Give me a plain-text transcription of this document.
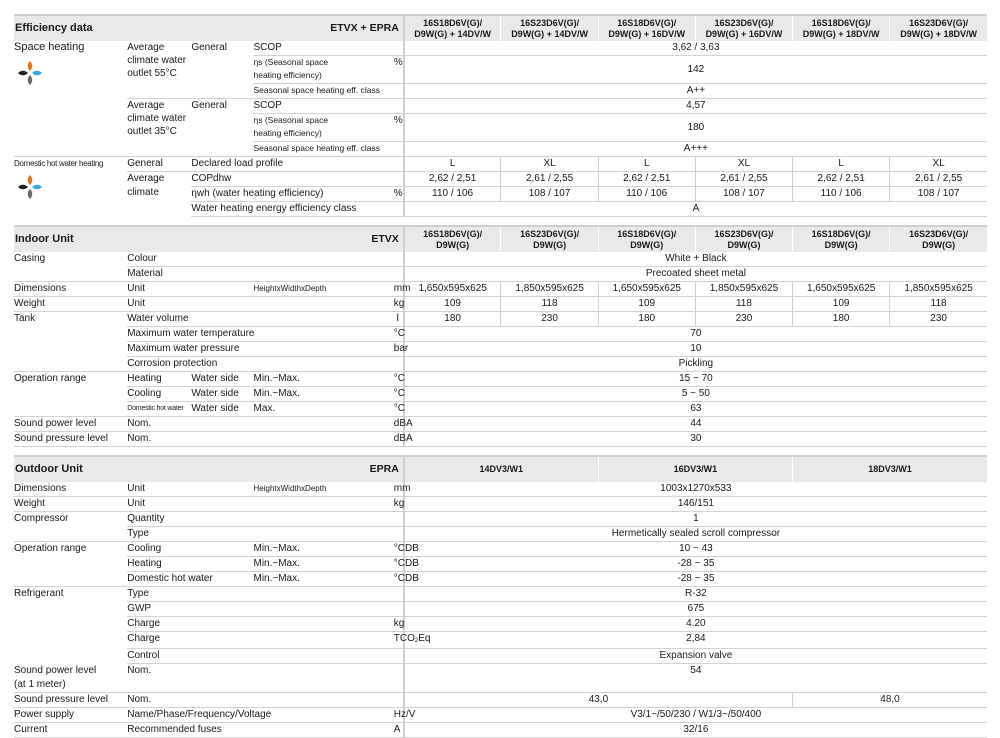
Efficiency data			ETVX + EPRA		16S18D6V(G)/
D9W(G) + 14DV/W	16S23D6V(G)/
D9W(G) + 14DV/W	16S18D6V(G)/
D9W(G) + 16DV/W	16S23D6V(G)/
D9W(G) + 16DV/W	16S18D6V(G)/
D9W(G) + 18DV/W	16S23D6V(G)/
D9W(G) + 18DV/W

Space heating	Average
climate water
outlet 55°C	General	SCOP		3,62 / 3,63					
			ηs (Seasonal space
heating efficiency)	%	142					
			Seasonal space heating eff. class		A++					
	Average
climate water
outlet 35°C	General	SCOP		4,57					
			ηs (Seasonal space
heating efficiency)	%	180					
			Seasonal space heating eff. class		A+++					

Domestic hot water heating	General	Declared load profile			L	XL	L	XL	L	XL
	Average
climate	COPdhw			2,62 / 2,51	2,61 / 2,55	2,62 / 2,51	2,61 / 2,55	2,62 / 2,51	2,61 / 2,55
		ηwh (water heating efficiency)		%	110 / 106	108 / 107	110 / 106	108 / 107	110 / 106	108 / 107
		Water heating energy efficiency class			A					

Indoor Unit			ETVX		16S18D6V(G)/
D9W(G)	16S23D6V(G)/
D9W(G)	16S18D6V(G)/
D9W(G)	16S23D6V(G)/
D9W(G)	16S18D6V(G)/
D9W(G)	16S23D6V(G)/
D9W(G)
Casing	Colour				White + Black					
	Material				Precoated sheet metal					
Dimensions	Unit		HeightxWidthxDepth	mm	1,650x595x625	1,850x595x625	1,650x595x625	1,850x595x625	1,650x595x625	1,850x595x625
Weight	Unit			kg	109	118	109	118	109	118
Tank	Water volume			l	180	230	180	230	180	230
	Maximum water temperature			°C	70					
	Maximum water pressure			bar	10					
	Corrosion protection				Pickling					
Operation range	Heating	Water side	Min.~Max.	°C	15 ~ 70					
	Cooling	Water side	Min.~Max.	°C	5 ~ 50					
	Domestic hot water	Water side	Max.	°C	63					
Sound power level	Nom.			dBA	44					
Sound pressure level	Nom.			dBA	30					

Outdoor Unit			EPRA		14DV3/W1		16DV3/W1		18DV3/W1	
Dimensions	Unit		HeightxWidthxDepth	mm	1003x1270x533					
Weight	Unit			kg	146/151					
Compressor	Quantity				1					
	Type				Hermetically sealed scroll compressor					
Operation range	Cooling		Min.~Max.	°CDB	10 ~ 43					
	Heating		Min.~Max.	°CDB	-28 ~ 35					
	Domestic hot water		Min.~Max.	°CDB	-28 ~ 35					
Refrigerant	Type				R-32					
	GWP				675					
	Charge			kg	4.20					
	Charge			$TCO_2Eq$	2,84					
	Control				Expansion valve					
Sound power level
(at 1 meter)	Nom.				54					
Sound pressure level	Nom.				43,0				48,0	
Power supply	Name/Phase/Frequency/Voltage			Hz/V	V3/1~/50/230 / W1/3~/50/400					
Current	Recommended fuses			A	32/16					
